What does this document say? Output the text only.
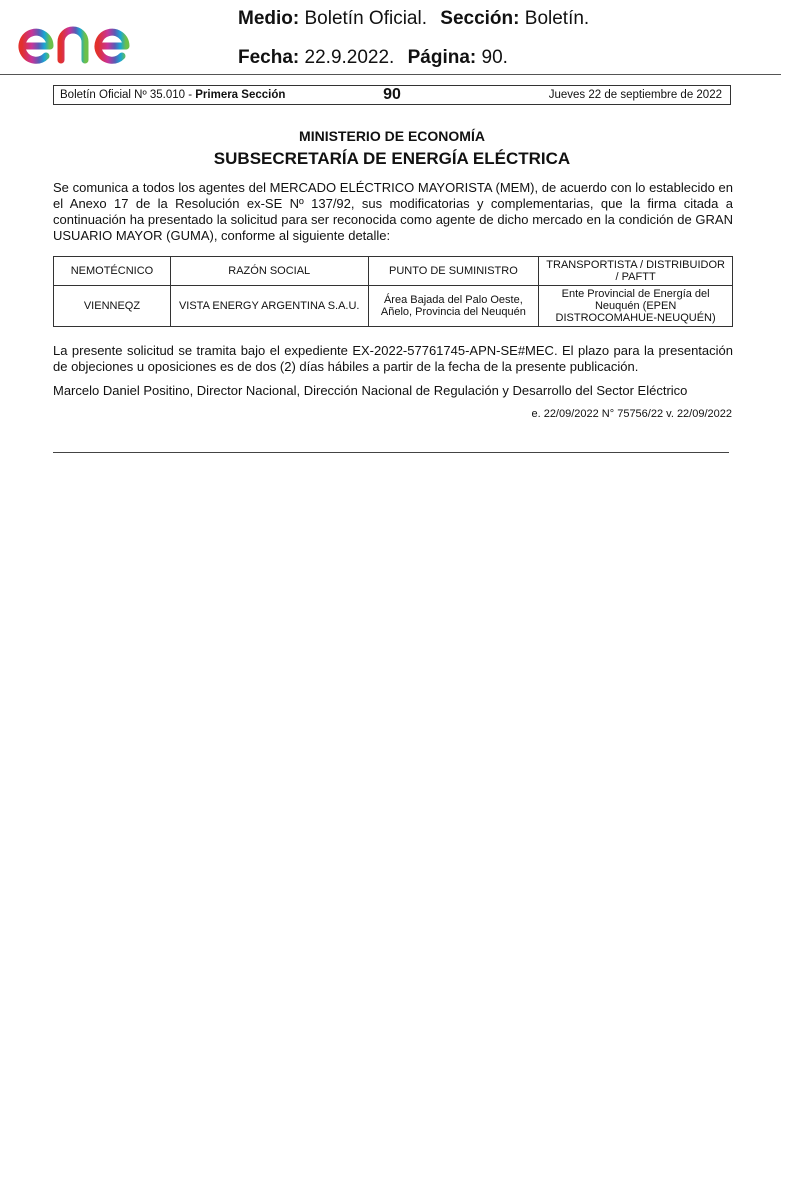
Medio: Boletín Oficial. Sección: Boletín.
Fecha: 22.9.2022. Página: 90.
Boletín Oficial Nº 35.010 - Primera Sección	90	Jueves 22 de septiembre de 2022
MINISTERIO DE ECONOMÍA
SUBSECRETARÍA DE ENERGÍA ELÉCTRICA

Se comunica a todos los agentes del MERCADO ELÉCTRICO MAYORISTA (MEM), de acuerdo con lo establecido en el Anexo 17 de la Resolución ex-SE Nº 137/92, sus modificatorias y complementarias, que la firma citada a continuación ha presentado la solicitud para ser reconocida como agente de dicho mercado en la condición de GRAN USUARIO MAYOR (GUMA), conforme al siguiente detalle:

NEMOTÉCNICO	RAZÓN SOCIAL	PUNTO DE SUMINISTRO	TRANSPORTISTA / DISTRIBUIDOR / PAFTT
VIENNEQZ	VISTA ENERGY ARGENTINA S.A.U.	Área Bajada del Palo Oeste, Añelo, Provincia del Neuquén	Ente Provincial de Energía del Neuquén (EPEN DISTROCOMAHUE-NEUQUÉN)

La presente solicitud se tramita bajo el expediente EX-2022-57761745-APN-SE#MEC. El plazo para la presentación de objeciones u oposiciones es de dos (2) días hábiles a partir de la fecha de la presente publicación.

Marcelo Daniel Positino, Director Nacional, Dirección Nacional de Regulación y Desarrollo del Sector Eléctrico

e. 22/09/2022 N° 75756/22 v. 22/09/2022
